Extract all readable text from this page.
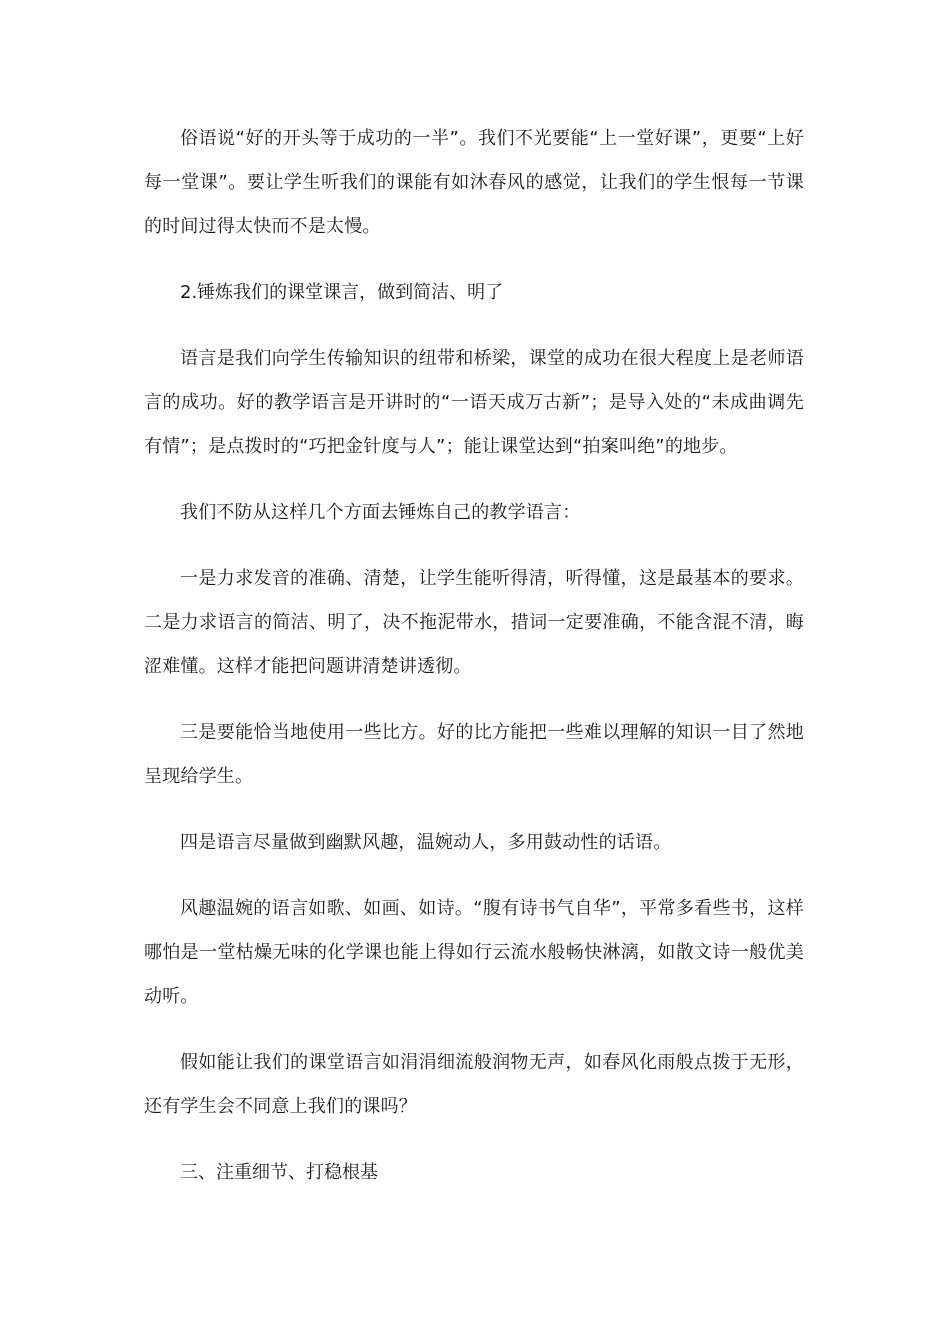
俗语说“好的开头等于成功的一半”。我们不光要能“上一堂好课”，更要“上好每一堂课”。要让学生听我们的课能有如沐春风的感觉，让我们的学生恨每一节课的时间过得太快而不是太慢。

2.锤炼我们的课堂课言，做到简洁、明了

语言是我们向学生传输知识的纽带和桥梁，课堂的成功在很大程度上是老师语言的成功。好的教学语言是开讲时的“一语天成万古新”；是导入处的“未成曲调先有情”；是点拨时的“巧把金针度与人”；能让课堂达到“拍案叫绝”的地步。

我们不防从这样几个方面去锤炼自己的教学语言：

一是力求发音的准确、清楚，让学生能听得清，听得懂，这是最基本的要求。 二是力求语言的简洁、明了，决不拖泥带水，措词一定要准确，不能含混不清，晦涩难懂。这样才能把问题讲清楚讲透彻。

三是要能恰当地使用一些比方。好的比方能把一些难以理解的知识一目了然地呈现给学生。

四是语言尽量做到幽默风趣，温婉动人，多用鼓动性的话语。

风趣温婉的语言如歌、如画、如诗。“腹有诗书气自华”，平常多看些书，这样哪怕是一堂枯燥无味的化学课也能上得如行云流水般畅快淋漓，如散文诗一般优美动听。

假如能让我们的课堂语言如涓涓细流般润物无声，如春风化雨般点拨于无形，还有学生会不同意上我们的课吗？

三、注重细节、打稳根基
